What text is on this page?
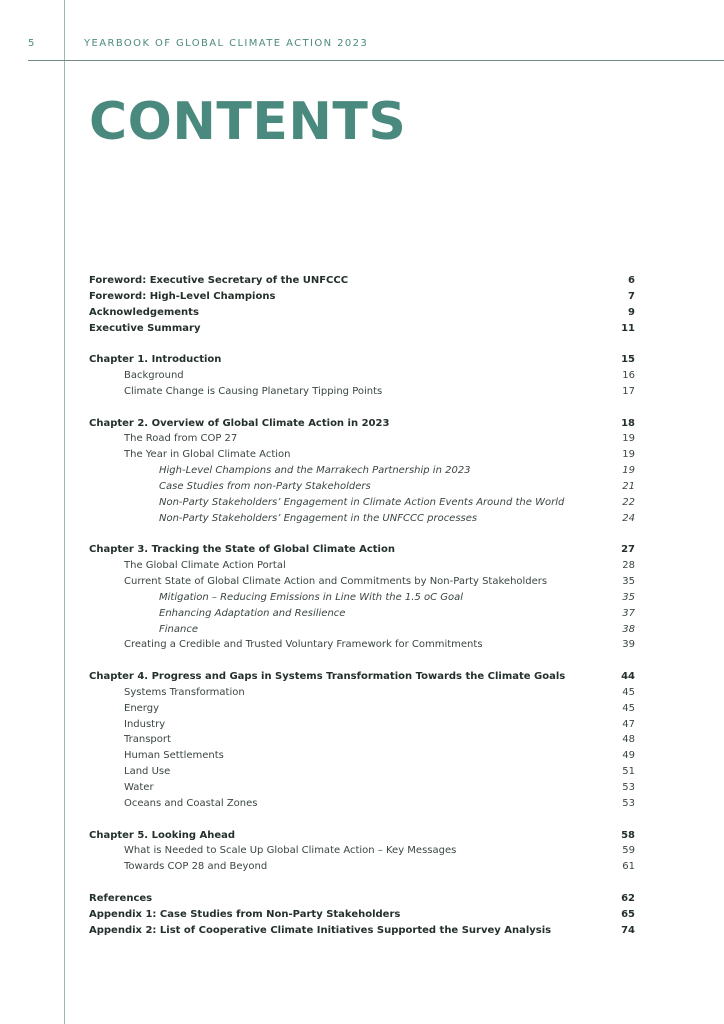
5	YEARBOOK OF GLOBAL CLIMATE ACTION 2023
CONTENTS
Foreword: Executive Secretary of the UNFCCC	6
Foreword: High-Level Champions	7
Acknowledgements	9
Executive Summary	11
Chapter 1. Introduction	15
Background	16
Climate Change is Causing Planetary Tipping Points	17
Chapter 2. Overview of Global Climate Action in 2023	18
The Road from COP 27	19
The Year in Global Climate Action	19
High-Level Champions and the Marrakech Partnership in 2023	19
Case Studies from non-Party Stakeholders	21
Non-Party Stakeholders’ Engagement in Climate Action Events Around the World	22
Non-Party Stakeholders’ Engagement in the UNFCCC processes	24
Chapter 3. Tracking the State of Global Climate Action	27
The Global Climate Action Portal	28
Current State of Global Climate Action and Commitments by Non-Party Stakeholders	35
Mitigation – Reducing Emissions in Line With the 1.5 oC Goal	35
Enhancing Adaptation and Resilience	37
Finance	38
Creating a Credible and Trusted Voluntary Framework for Commitments	39
Chapter 4. Progress and Gaps in Systems Transformation Towards the Climate Goals	44
Systems Transformation	45
Energy	45
Industry	47
Transport	48
Human Settlements	49
Land Use	51
Water	53
Oceans and Coastal Zones	53
Chapter 5. Looking Ahead	58
What is Needed to Scale Up Global Climate Action – Key Messages	59
Towards COP 28 and Beyond	61
References	62
Appendix 1: Case Studies from Non-Party Stakeholders	65
Appendix 2: List of Cooperative Climate Initiatives Supported the Survey Analysis	74
